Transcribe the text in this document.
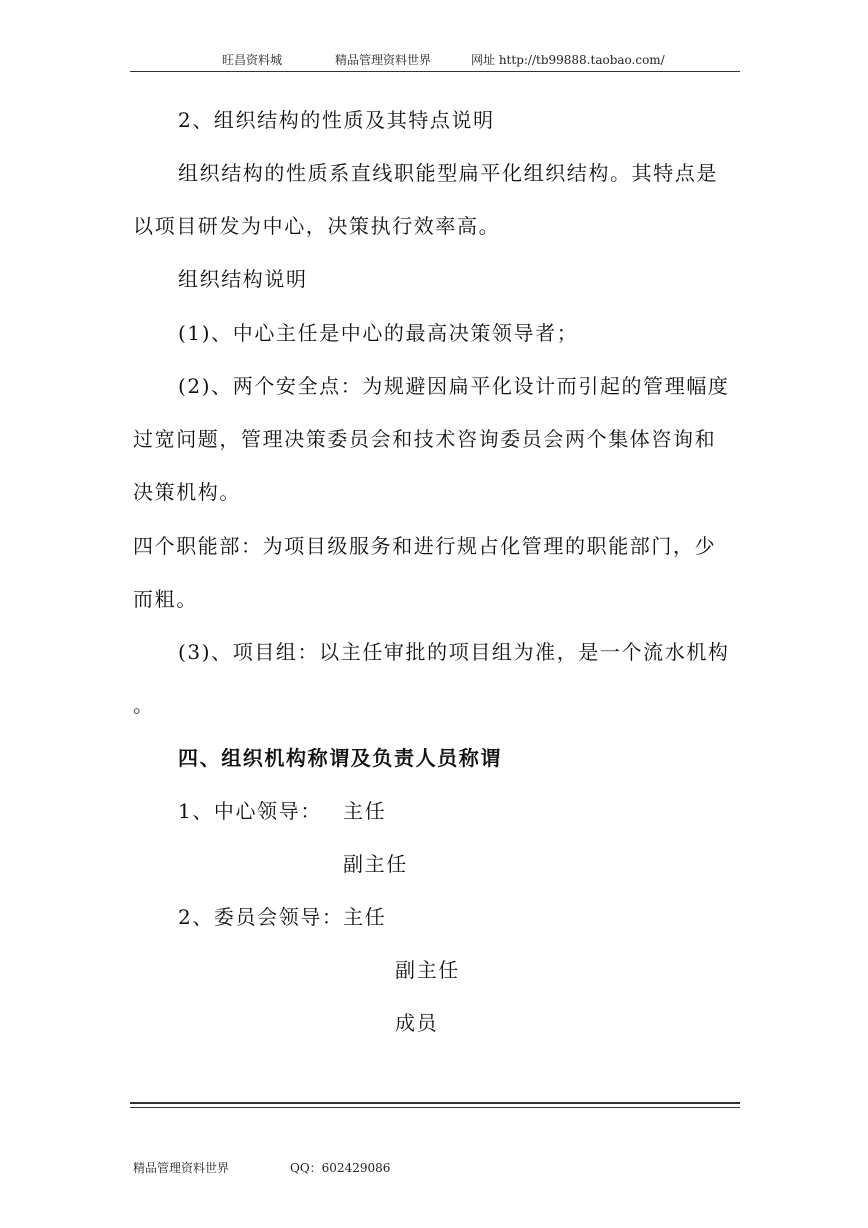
旺昌资料城	精品管理资料世界	网址 http://tb99888.taobao.com/
2、组织结构的性质及其特点说明
组织结构的性质系直线职能型扁平化组织结构。其特点是
以项目研发为中心，决策执行效率高。
组织结构说明
(1)、中心主任是中心的最高决策领导者；
(2)、两个安全点：为规避因扁平化设计而引起的管理幅度
过宽问题，管理决策委员会和技术咨询委员会两个集体咨询和
决策机构。
四个职能部：为项目级服务和进行规占化管理的职能部门，少
而粗。
(3)、项目组：以主任审批的项目组为准，是一个流水机构
。
四、组织机构称谓及负责人员称谓
1、中心领导： 主任
副主任
2、委员会领导： 主任
副主任
成员
精品管理资料世界	QQ：602429086
